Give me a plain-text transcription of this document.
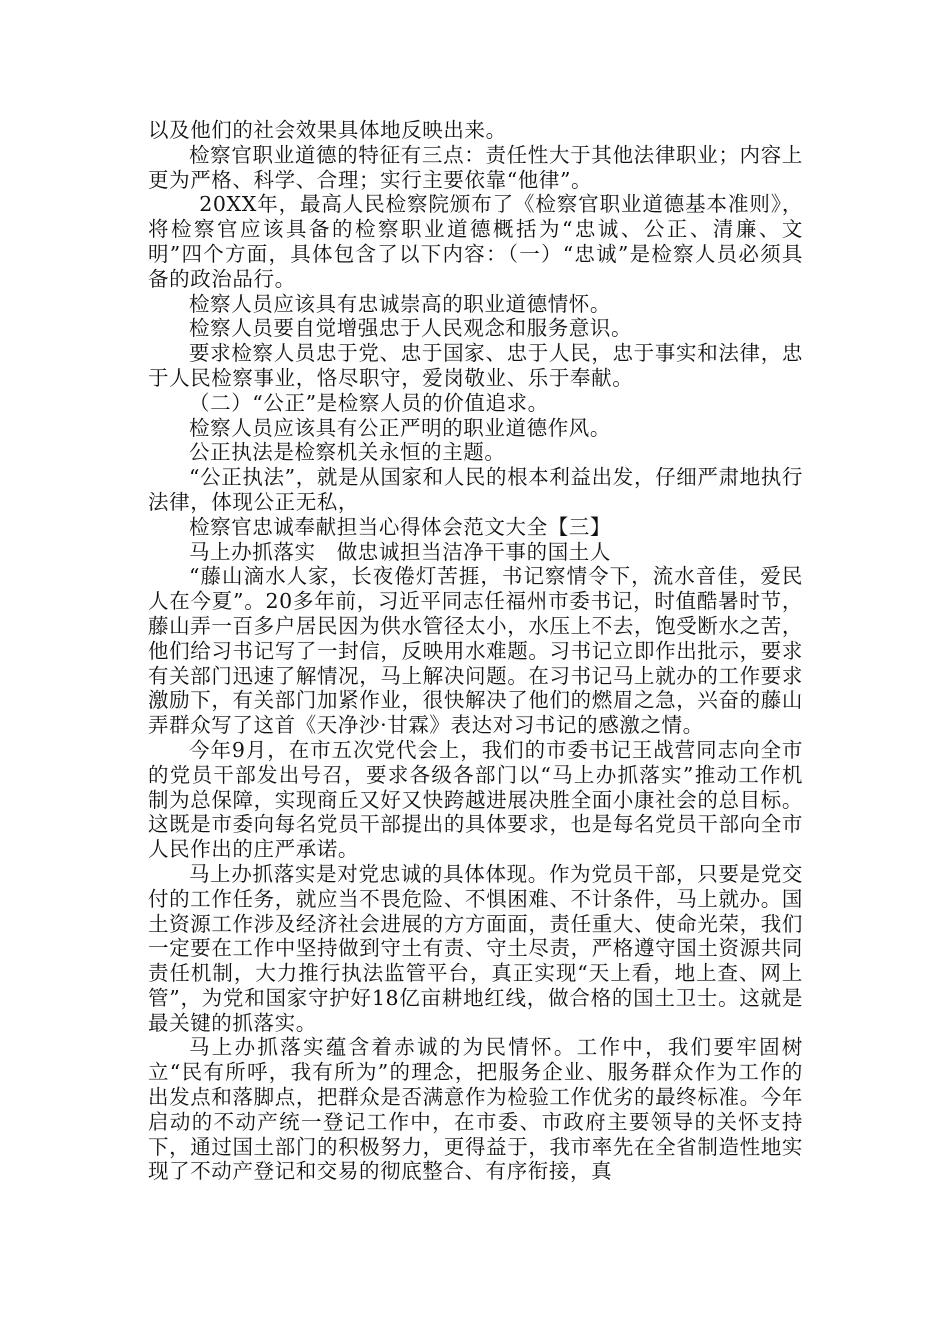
以及他们的社会效果具体地反映出来。

检察官职业道德的特征有三点：责任性大于其他法律职业；内容上更为严格、科学、合理；实行主要依靠“他律”。

20XX年，最高人民检察院颁布了《检察官职业道德基本准则》，将检察官应该具备的检察职业道德概括为“忠诚、公正、清廉、文明”四个方面，具体包含了以下内容：（一）“忠诚”是检察人员必须具备的政治品行。

检察人员应该具有忠诚崇高的职业道德情怀。

检察人员要自觉增强忠于人民观念和服务意识。

要求检察人员忠于党、忠于国家、忠于人民，忠于事实和法律，忠于人民检察事业，恪尽职守，爱岗敬业、乐于奉献。

（二）“公正”是检察人员的价值追求。

检察人员应该具有公正严明的职业道德作风。

公正执法是检察机关永恒的主题。

“公正执法”，就是从国家和人民的根本利益出发，仔细严肃地执行法律，体现公正无私，

检察官忠诚奉献担当心得体会范文大全【三】

马上办抓落实　做忠诚担当洁净干事的国土人

“藤山滴水人家，长夜倦灯苦捱，书记察情令下，流水音佳，爱民人在今夏”。20多年前，习近平同志任福州市委书记，时值酷暑时节，藤山弄一百多户居民因为供水管径太小，水压上不去，饱受断水之苦，他们给习书记写了一封信，反映用水难题。习书记立即作出批示，要求有关部门迅速了解情况，马上解决问题。在习书记马上就办的工作要求激励下，有关部门加紧作业，很快解决了他们的燃眉之急，兴奋的藤山弄群众写了这首《天净沙·甘霖》表达对习书记的感激之情。

今年9月，在市五次党代会上，我们的市委书记王战营同志向全市的党员干部发出号召，要求各级各部门以“马上办抓落实”推动工作机制为总保障，实现商丘又好又快跨越进展决胜全面小康社会的总目标。这既是市委向每名党员干部提出的具体要求，也是每名党员干部向全市人民作出的庄严承诺。

马上办抓落实是对党忠诚的具体体现。作为党员干部，只要是党交付的工作任务，就应当不畏危险、不惧困难、不计条件，马上就办。国土资源工作涉及经济社会进展的方方面面，责任重大、使命光荣，我们一定要在工作中坚持做到守土有责、守土尽责，严格遵守国土资源共同责任机制，大力推行执法监管平台，真正实现“天上看，地上查、网上管”，为党和国家守护好18亿亩耕地红线，做合格的国土卫士。这就是最关键的抓落实。

马上办抓落实蕴含着赤诚的为民情怀。工作中，我们要牢固树立“民有所呼，我有所为”的理念，把服务企业、服务群众作为工作的出发点和落脚点，把群众是否满意作为检验工作优劣的最终标准。今年启动的不动产统一登记工作中，在市委、市政府主要领导的关怀支持下，通过国土部门的积极努力，更得益于，我市率先在全省制造性地实现了不动产登记和交易的彻底整合、有序衔接，真
